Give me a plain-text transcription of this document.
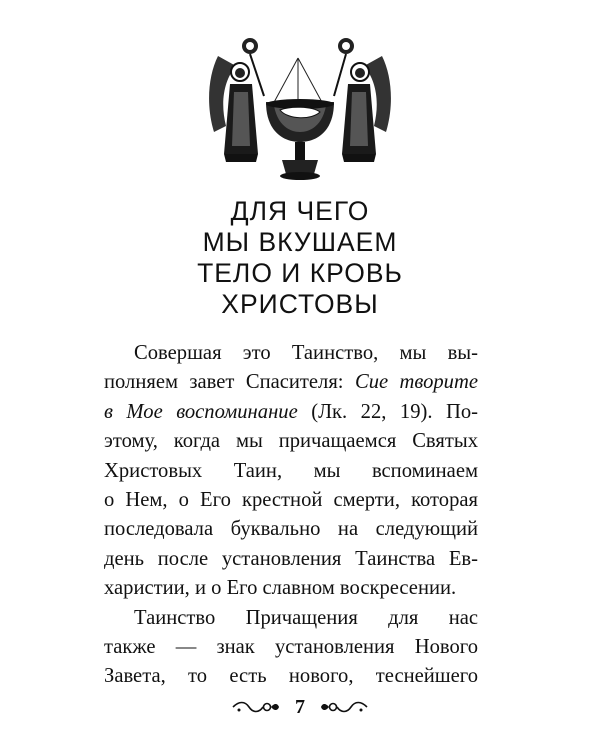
ДЛЯ ЧЕГО
МЫ ВКУШАЕМ
ТЕЛО И КРОВЬ
ХРИСТОВЫ
Совершая это Таинство, мы вы-
полняем завет Спасителя: Сие творите
в Мое воспоминание (Лк. 22, 19). По-
этому, когда мы причащаемся Святых
Христовых Таин, мы вспоминаем
о Нем, о Его крестной смерти, которая
последовала буквально на следующий
день после установления Таинства Ев-
харистии, и о Его славном воскресении.
Таинство Причащения для нас
также — знак установления Нового
Завета, то есть нового, теснейшего
7
